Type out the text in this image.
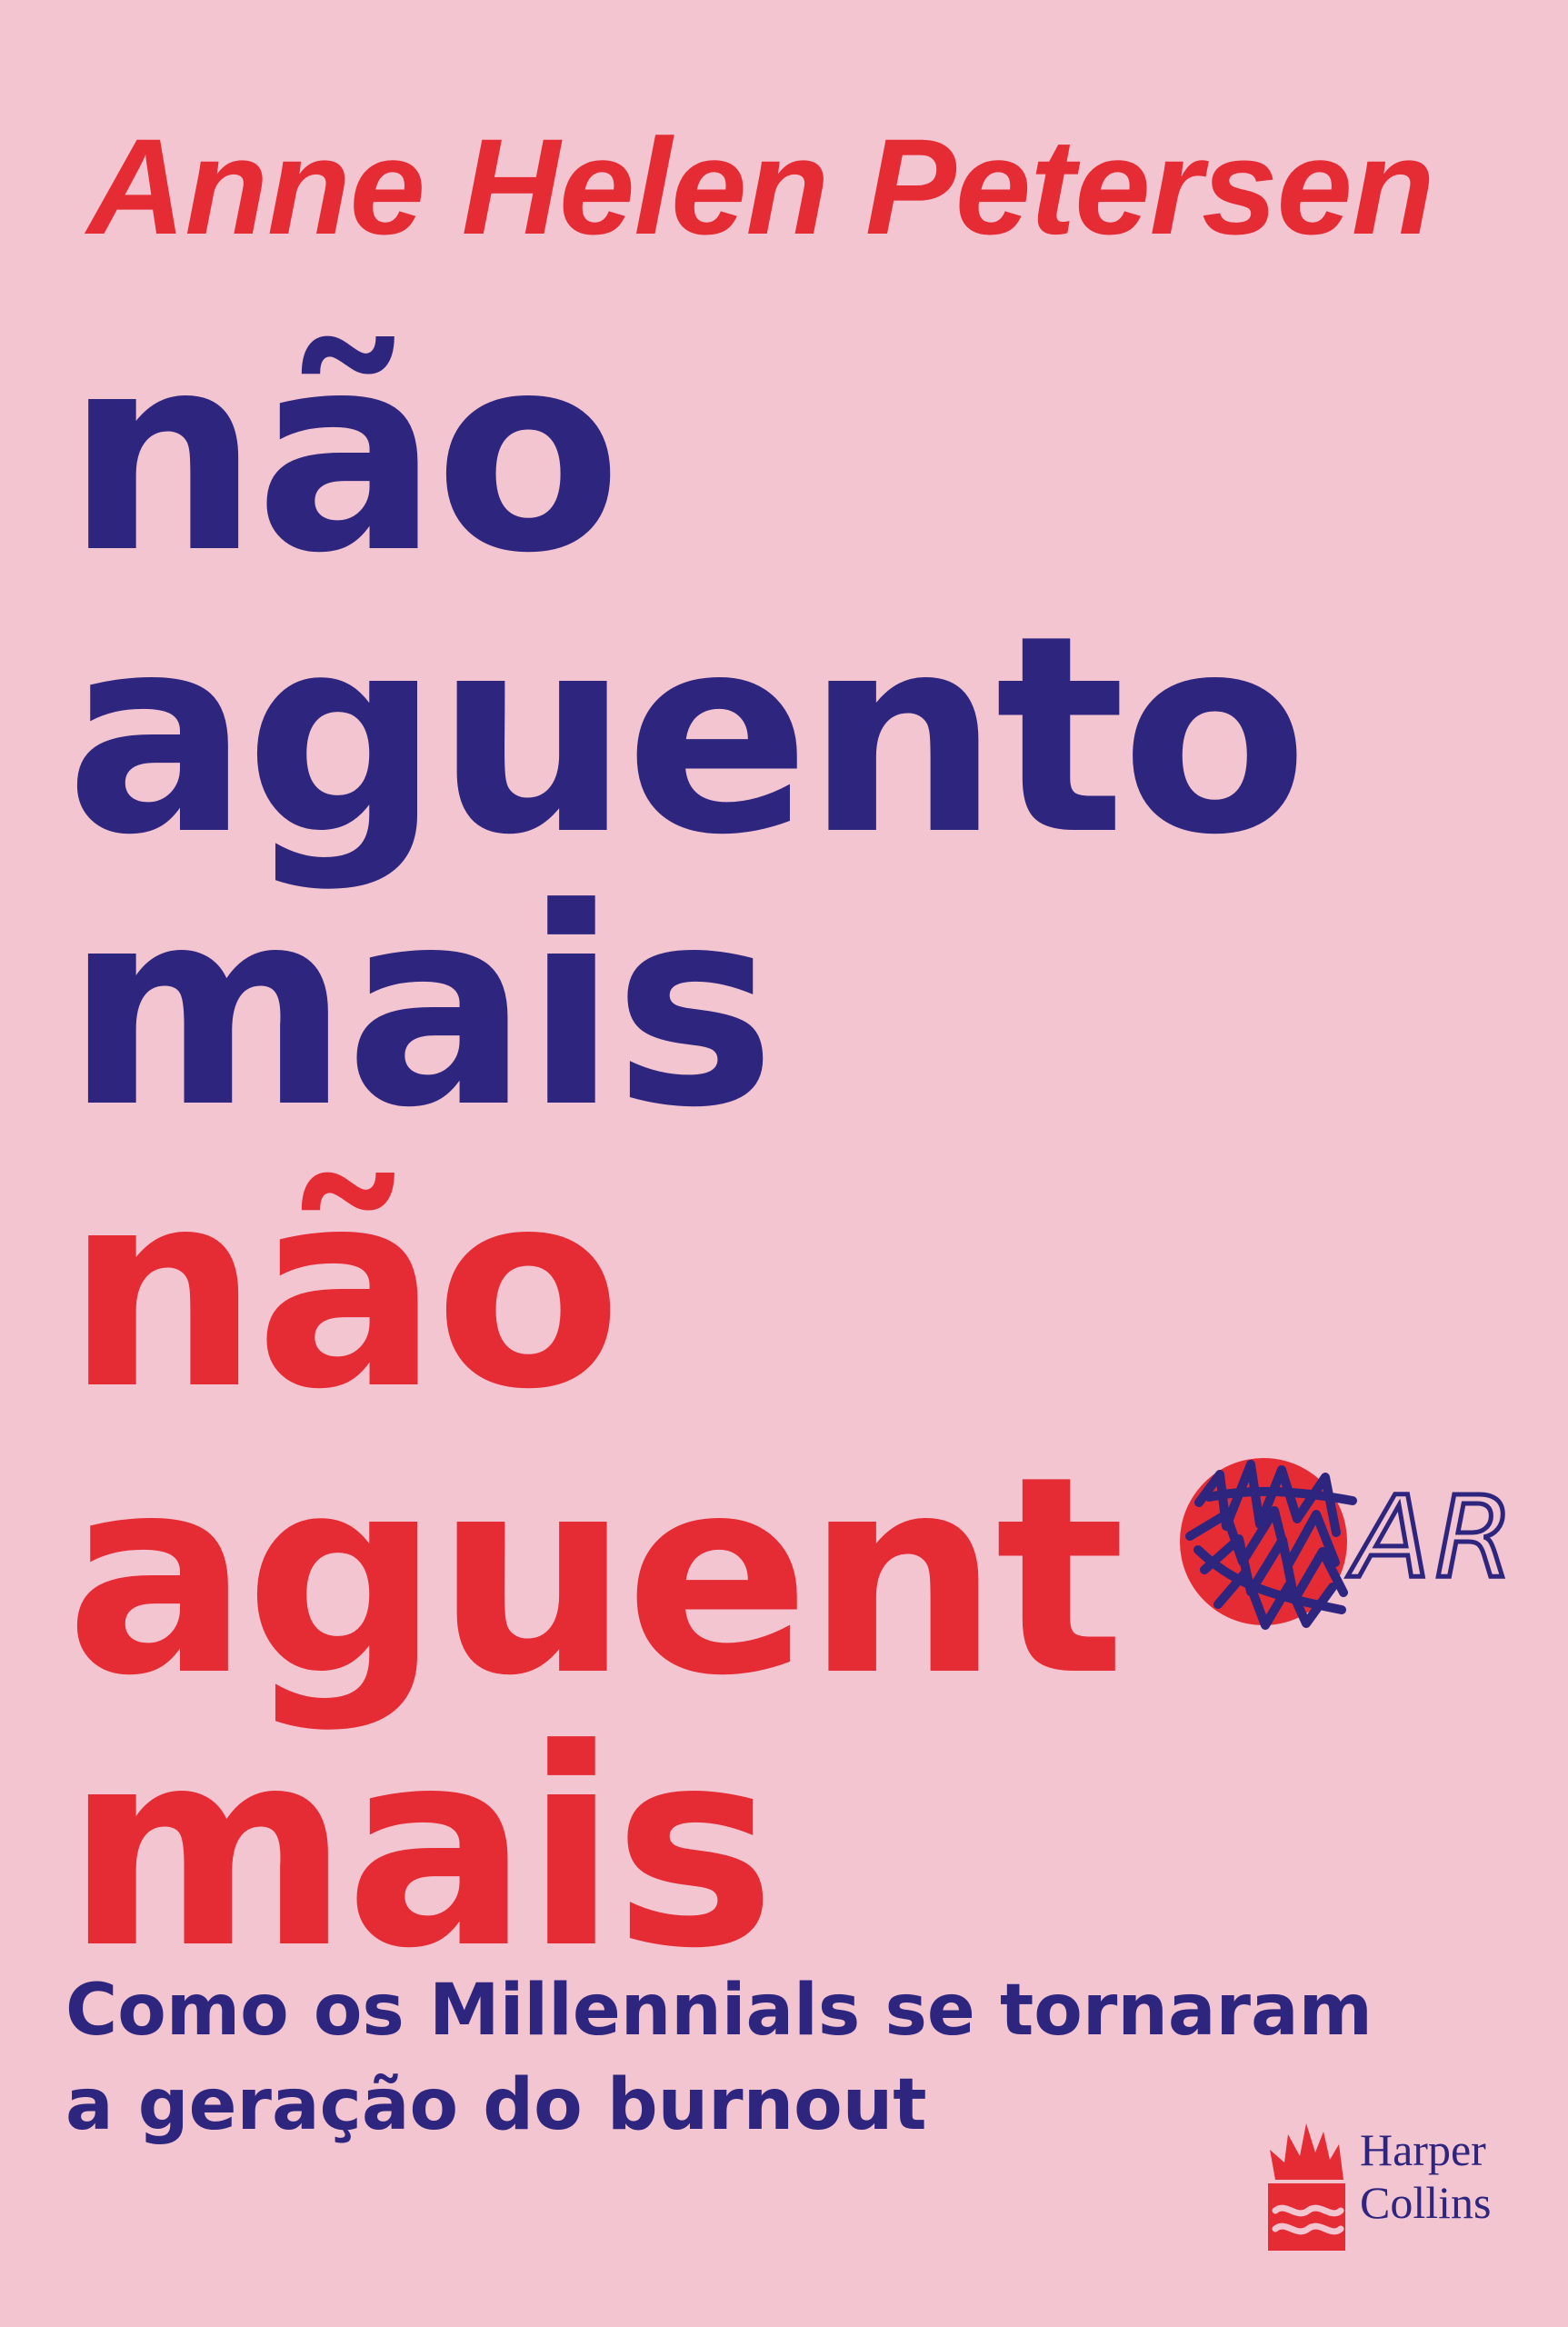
Anne Helen Petersen
não
aguento
mais
não
aguent
mais
AR

Como os Millennials se tornaram
a geração do burnout

Harper
Collins
